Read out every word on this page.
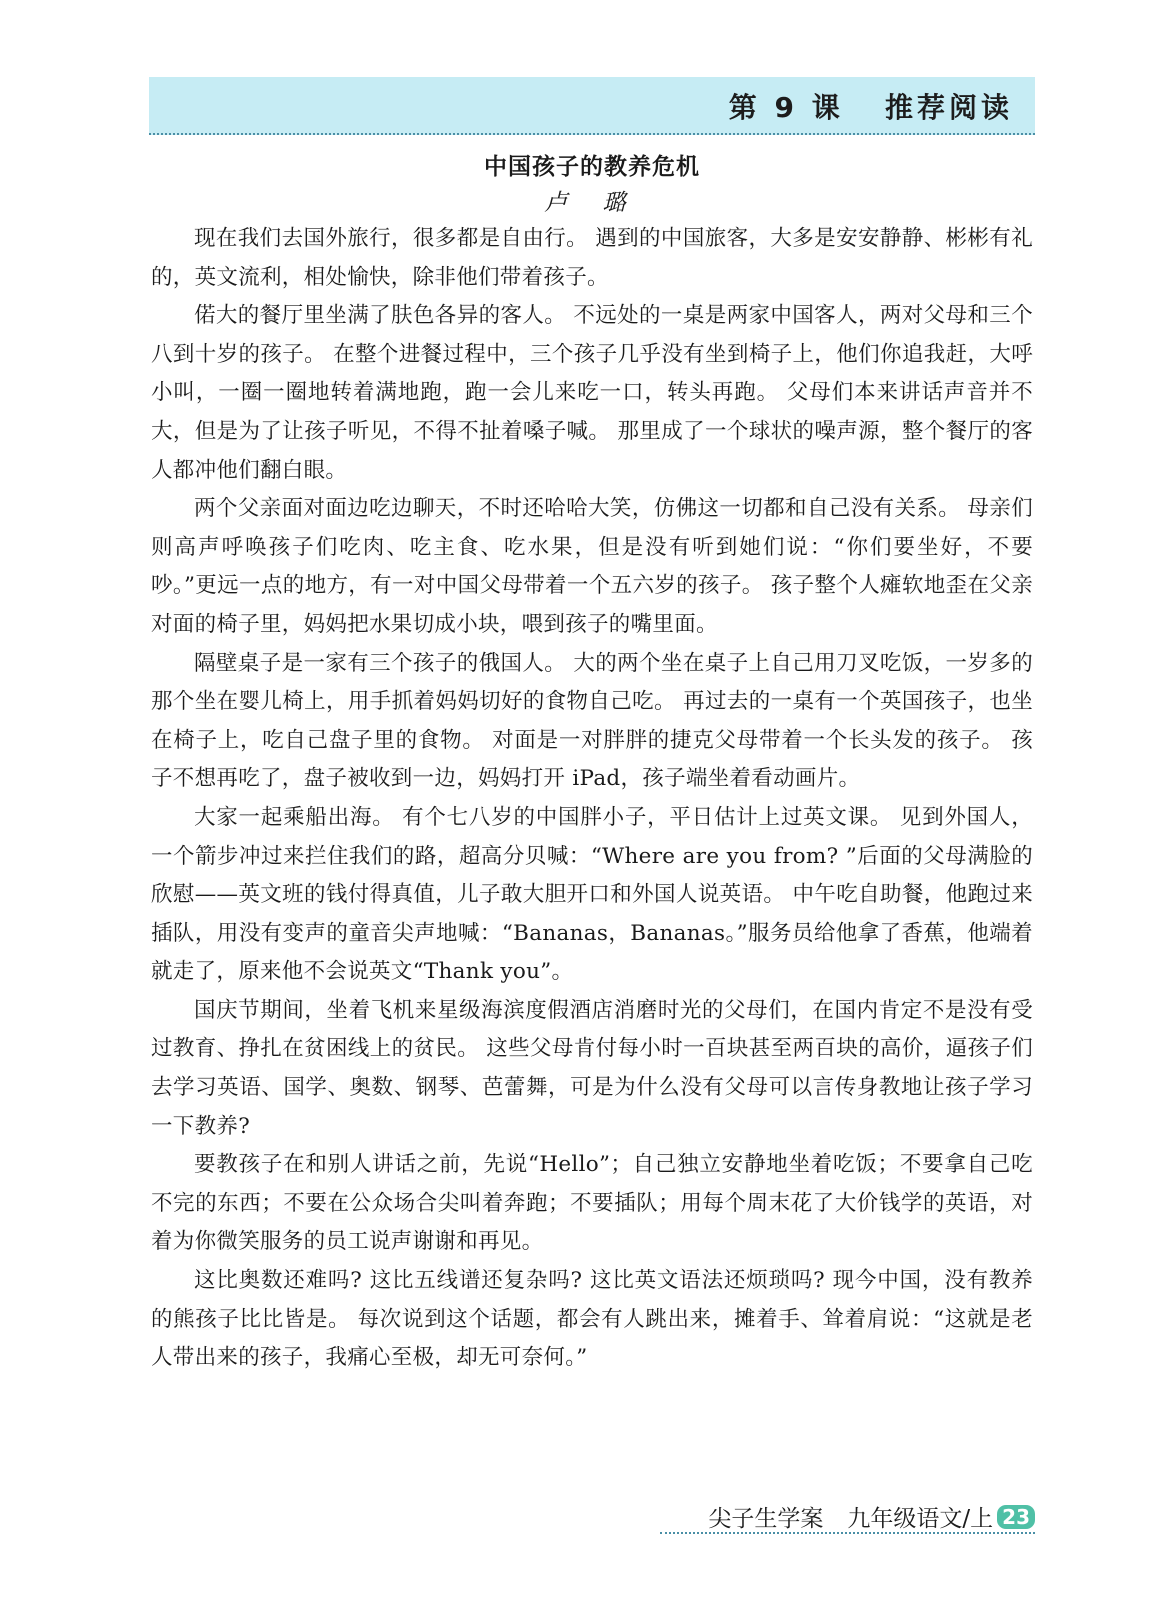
第 9 课 推荐阅读
中国孩子的教养危机
卢 璐

现在我们去国外旅行，很多都是自由行。 遇到的中国旅客，大多是安安静静、彬彬有礼的，英文流利，相处愉快，除非他们带着孩子。

偌大的餐厅里坐满了肤色各异的客人。 不远处的一桌是两家中国客人，两对父母和三个八到十岁的孩子。 在整个进餐过程中，三个孩子几乎没有坐到椅子上，他们你追我赶，大呼小叫，一圈一圈地转着满地跑，跑一会儿来吃一口，转头再跑。 父母们本来讲话声音并不大，但是为了让孩子听见，不得不扯着嗓子喊。 那里成了一个球状的噪声源，整个餐厅的客人都冲他们翻白眼。

两个父亲面对面边吃边聊天，不时还哈哈大笑，仿佛这一切都和自己没有关系。 母亲们则高声呼唤孩子们吃肉、吃主食、吃水果，但是没有听到她们说：“你们要坐好，不要吵。”更远一点的地方，有一对中国父母带着一个五六岁的孩子。 孩子整个人瘫软地歪在父亲对面的椅子里，妈妈把水果切成小块，喂到孩子的嘴里面。

隔壁桌子是一家有三个孩子的俄国人。 大的两个坐在桌子上自己用刀叉吃饭，一岁多的那个坐在婴儿椅上，用手抓着妈妈切好的食物自己吃。 再过去的一桌有一个英国孩子，也坐在椅子上，吃自己盘子里的食物。 对面是一对胖胖的捷克父母带着一个长头发的孩子。 孩子不想再吃了，盘子被收到一边，妈妈打开 iPad，孩子端坐着看动画片。

大家一起乘船出海。 有个七八岁的中国胖小子，平日估计上过英文课。 见到外国人，一个箭步冲过来拦住我们的路，超高分贝喊：“Where are you from? ”后面的父母满脸的欣慰——英文班的钱付得真值，儿子敢大胆开口和外国人说英语。 中午吃自助餐，他跑过来插队，用没有变声的童音尖声地喊：“Bananas，Bananas。”服务员给他拿了香蕉，他端着就走了，原来他不会说英文“Thank you”。

国庆节期间，坐着飞机来星级海滨度假酒店消磨时光的父母们，在国内肯定不是没有受过教育、挣扎在贫困线上的贫民。 这些父母肯付每小时一百块甚至两百块的高价，逼孩子们去学习英语、国学、奥数、钢琴、芭蕾舞，可是为什么没有父母可以言传身教地让孩子学习一下教养?

要教孩子在和别人讲话之前，先说“Hello”；自己独立安静地坐着吃饭；不要拿自己吃不完的东西；不要在公众场合尖叫着奔跑；不要插队；用每个周末花了大价钱学的英语，对着为你微笑服务的员工说声谢谢和再见。

这比奥数还难吗? 这比五线谱还复杂吗? 这比英文语法还烦琐吗? 现今中国，没有教养的熊孩子比比皆是。 每次说到这个话题，都会有人跳出来，摊着手、耸着肩说：“这就是老人带出来的孩子，我痛心至极，却无可奈何。”

尖子生学案 九年级语文/上 23
